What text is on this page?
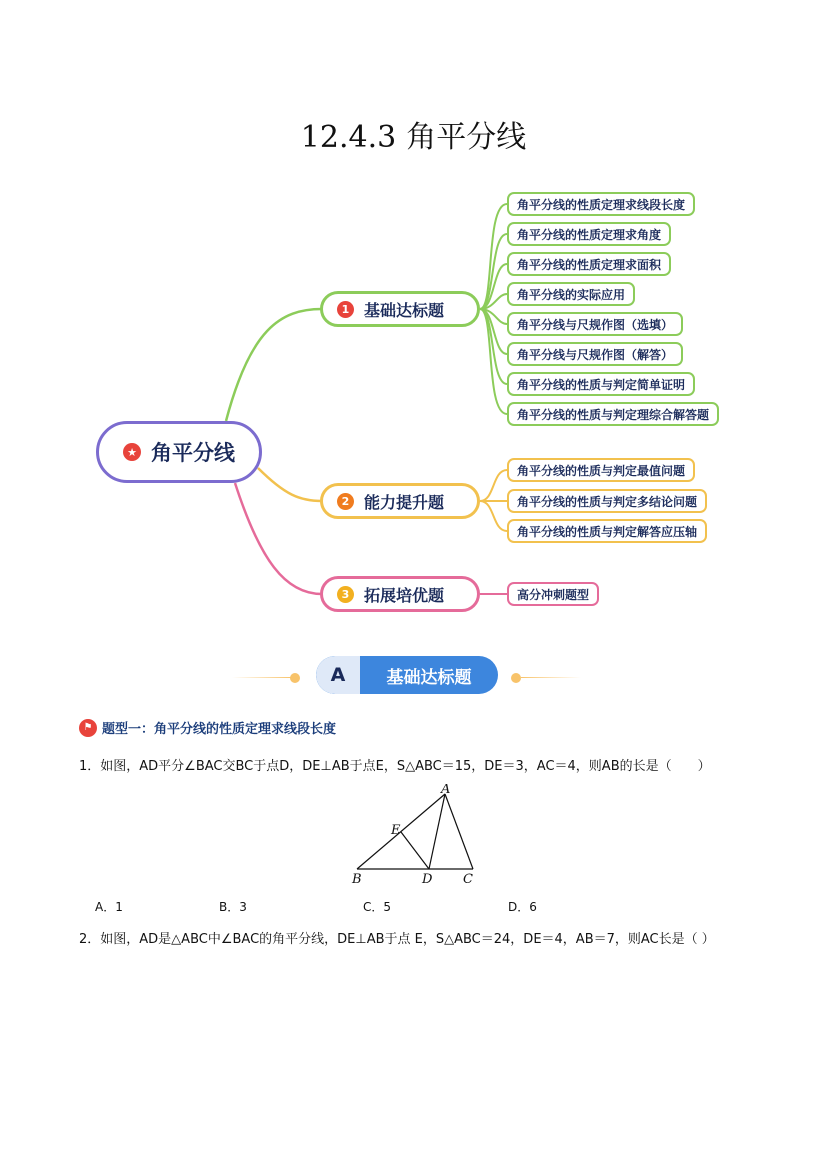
12.4.3 角平分线
★ 角平分线
1 基础达标题
2 能力提升题
3 拓展培优题
角平分线的性质定理求线段长度
角平分线的性质定理求角度
角平分线的性质定理求面积
角平分线的实际应用
角平分线与尺规作图（选填）
角平分线与尺规作图（解答）
角平分线的性质与判定简单证明
角平分线的性质与判定理综合解答题
角平分线的性质与判定最值问题
角平分线的性质与判定多结论问题
角平分线的性质与判定解答应压轴
高分冲刺题型
A	基础达标题
⚑ 题型一：角平分线的性质定理求线段长度
1．如图，AD平分∠BAC交BC于点D，DE⊥AB于点E，S△ABC＝15，DE＝3，AC＝4，则AB的长是（　　）
A
B	C
D
E
A．1	B．3	C．5	D．6
2．如图，AD是△ABC中∠BAC的角平分线，DE⊥AB于点 E，S△ABC＝24，DE＝4，AB＝7，则AC长是（ ）
